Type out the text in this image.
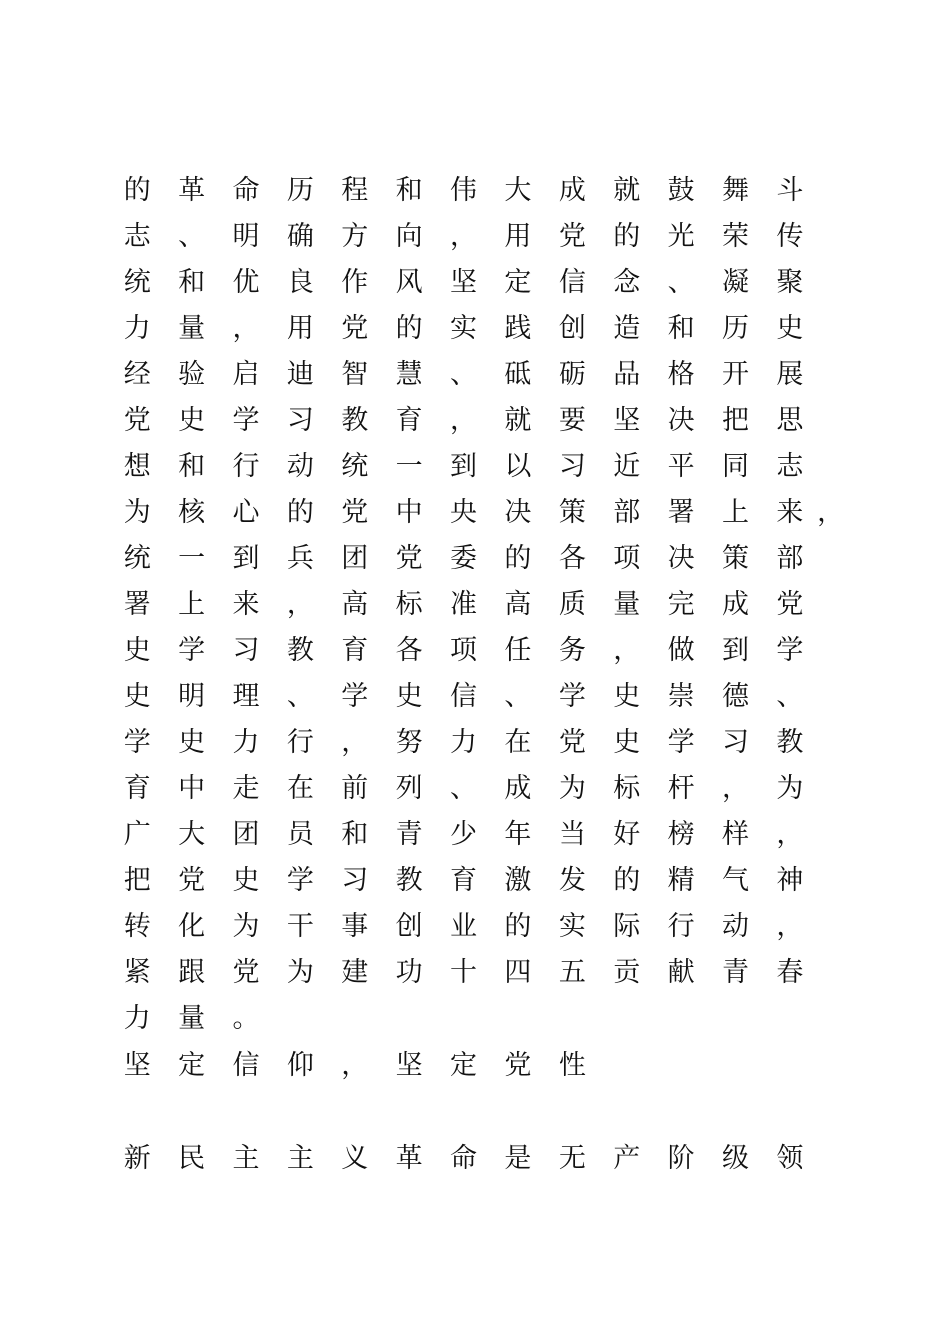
的	革	命	历	程	和	伟	大	成	就	鼓	舞	斗
志	、	明	确	方	向	，	用	党	的	光	荣	传
统	和	优	良	作	风	坚	定	信	念	、	凝	聚
力	量	，	用	党	的	实	践	创	造	和	历	史
经	验	启	迪	智	慧	、	砥	砺	品	格	开	展
党	史	学	习	教	育	，	就	要	坚	决	把	思
想	和	行	动	统	一	到	以	习	近	平	同	志
为	核	心	的	党	中	央	决	策	部	署	上	来 ，
统	一	到	兵	团	党	委	的	各	项	决	策	部
署	上	来	，	高	标	准	高	质	量	完	成	党
史	学	习	教	育	各	项	任	务	，	做	到	学
史	明	理	、	学	史	信	、	学	史	崇	德	、
学	史	力	行	，	努	力	在	党	史	学	习	教
育	中	走	在	前	列	、	成	为	标	杆	，	为
广	大	团	员	和	青	少	年	当	好	榜	样	，
把	党	史	学	习	教	育	激	发	的	精	气	神
转	化	为	干	事	创	业	的	实	际	行	动	，
紧	跟	党	为	建	功	十	四	五	贡	献	青	春
力	量	。
坚	定	信	仰	，	坚	定	党	性
新	民	主	主	义	革	命	是	无	产	阶	级	领
